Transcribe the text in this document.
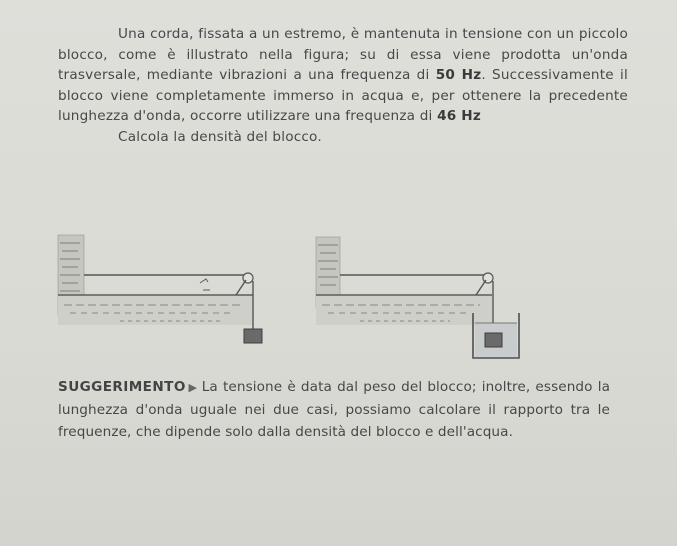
Una corda, fissata a un estremo, è mantenuta in tensione con un piccolo blocco, come è illustrato nella figura; su di essa viene prodotta un'onda trasversale, mediante vibrazioni a una frequenza di 50 Hz. Successivamente il blocco viene completamente immerso in acqua e, per ottenere la precedente lunghezza d'onda, occorre utilizzare una frequenza di 46 Hz

Calcola la densità del blocco.

SUGGERIMENTO ▶ La tensione è data dal peso del blocco; inoltre, essendo la lunghezza d'onda uguale nei due casi, possiamo calcolare il rapporto tra le frequenze, che dipende solo dalla densità del blocco e dell'acqua.
